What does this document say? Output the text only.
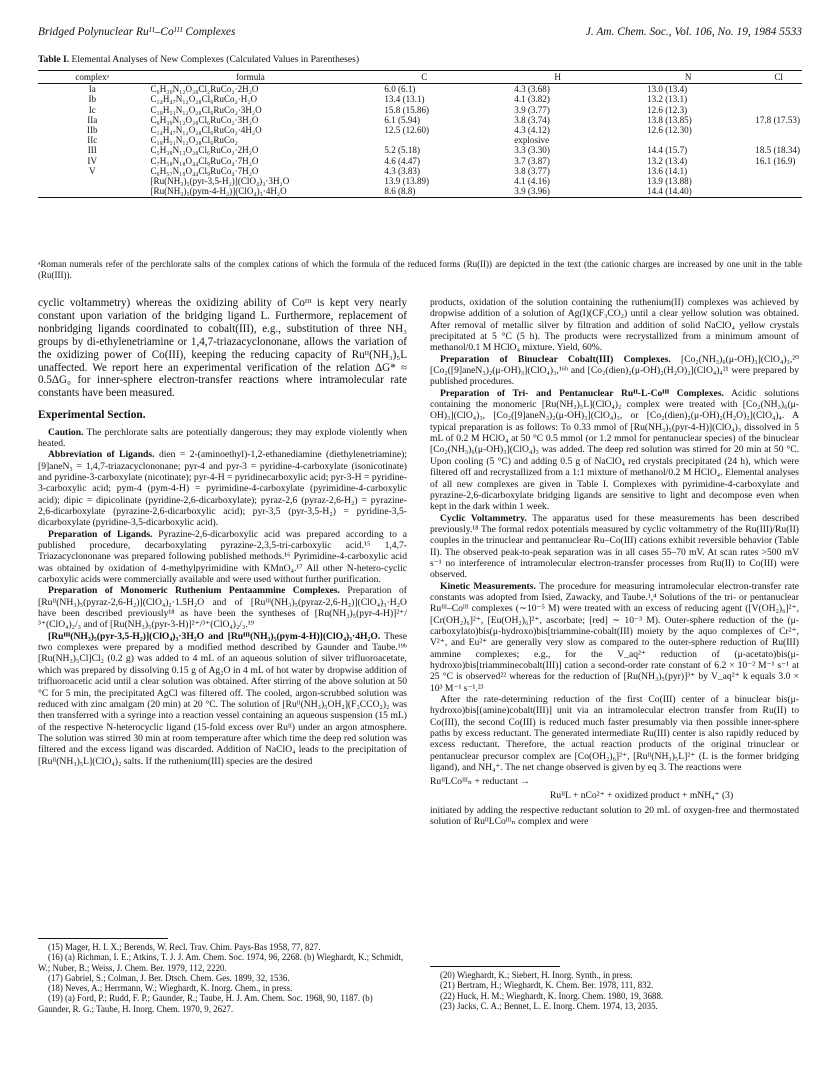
Bridged Polynuclear Ruᴵᴵ–Coᴵᴵᴵ Complexes	J. Am. Chem. Soc., Vol. 106, No. 19, 1984 5533
Table I. Elemental Analyses of New Complexes (Calculated Values in Parentheses)
complexᵃ	formula	C	H	N	Cl
Ia	C₆H₃₀N₁₂O₂₈Cl₂RuCo₂·2H₂O	6.0 (6.1)	4.3 (3.68)	13.0 (13.4)	
Ib	C₁₄H₄₇N₁₂O₂₈Cl₆RuCo₂·H₂O	13.4 (13.1)	4.1 (3.82)	13.2 (13.1)	
Ic	C₁₈H₅₁N₁₂O₂₈Cl₆RuCo₂·3H₂O	15.8 (15.86)	3.9 (3.77)	12.6 (12.3)	
IIa	C₆H₃₉N₁₂O₂₈Cl₆RuCo₂·3H₂O	6.1 (5.94)	3.8 (3.74)	13.8 (13.85)	17.8 (17.53)
IIb	C₁₄H₄₇N₁₂O₂₈Cl₆RuCo₂·4H₂O	12.5 (12.60)	4.3 (4.12)	12.6 (12.30)	
IIc	C₁₈H₅₁N₁₂O₂₈Cl₆RuCo₂		explosive		
III	C₅H₃₈N₁₃O₂₈Cl₆RuCo₂·2H₂O	5.2 (5.18)	3.3 (3.30)	14.4 (15.7)	18.5 (18.34)
IV	C₇H₅₈N₁₈O₄₄Cl₉RuCo₄·7H₂O	4.6 (4.47)	3.7 (3.87)	13.2 (13.4)	16.1 (16.9)
V	C₆H₅₇N₁₉O₄₄Cl₉RuCo₄·7H₂O	4.3 (3.83)	3.8 (3.77)	13.6 (14.1)	
	[Ru(NH₃)₅(pyr-3,5-H₂)](ClO₄)₃·3H₂O	13.9 (13.89)	4.1 (4.16)	13.9 (13.88)	
	[Ru(NH₃)₅(pym-4-H₂)](ClO₄)₃·4H₂O	8.6 (8.8)	3.9 (3.96)	14.4 (14.40)	
ᵃRoman numerals refer of the perchlorate salts of the complex cations of which the formula of the reduced forms (Ru(II)) are depicted in the text (the cationic charges are increased by one unit in the table (Ru(III)).

cyclic voltammetry) whereas the oxidizing ability of Coᴵᴵᴵ is kept very nearly constant upon variation of the bridging ligand L. Furthermore, replacement of nonbridging ligands coordinated to cobalt(III), e.g., substitution of three NH₃ groups by di-ethylenetriamine or 1,4,7-triazacyclononane, allows the variation of the oxidizing power of Co(III), keeping the reducing capacity of Ruᴵᴵ(NH₃)₅L unaffected. We report here an experimental verification of the relation ΔG* ≈ 0.5ΔG₀ for inner-sphere electron-transfer reactions where intramolecular rate constants have been measured.

Experimental Section.

Caution. The perchlorate salts are potentially dangerous; they may explode violently when heated.

Abbreviation of Ligands. dien = 2-(aminoethyl)-1,2-ethanediamine (diethylenetriamine); [9]aneN₃ = 1,4,7-triazacyclononane; pyr-4 and pyr-3 = pyridine-4-carboxylate (isonicotinate) and pyridine-3-carboxylate (nicotinate); pyr-4-H = pyridinecarboxylic acid; pyr-3-H = pyridine-3-carboxylic acid; pym-4 (pym-4-H) = pyrimidine-4-carboxylate (pyrimidine-4-carboxylic acid); dipic = dipicolinate (pyridine-2,6-dicarboxylate); pyraz-2,6 (pyraz-2,6-H₂) = pyrazine-2,6-dicarboxylate (pyrazine-2,6-dicarboxylic acid); pyr-3,5 (pyr-3,5-H₂) = pyridine-3,5-dicarboxylate (pyridine-3,5-dicarboxylic acid).

Preparation of Ligands. Pyrazine-2,6-dicarboxylic acid was prepared according to a published procedure, decarboxylating pyrazine-2,3,5-tri-carboxylic acid.¹⁵ 1,4,7-Triazacyclononane was prepared following published methods.¹⁶ Pyrimidine-4-carboxylic acid was obtained by oxidation of 4-methylpyrimidine with KMnO₄.¹⁷ All other N-hetero-cyclic carboxylic acids were commercially available and were used without further purification.

Preparation of Monomeric Ruthenium Pentaammine Complexes. Preparation of [Ruᴵᴵ(NH₃)₅(pyraz-2,6-H₂)](ClO₄)₂·1.5H₂O and of [Ruᴵᴵᴵ(NH₃)₅(pyraz-2,6-H₂)](ClO₄)₃·H₂O have been described previously¹⁸ as have been the syntheses of [Ru(NH₃)₅(pyr-4-H)]²⁺/³⁺(ClO₄)₂/₃ and of [Ru(NH₃)₅(pyr-3-H)]²⁺/³⁺(ClO₄)₂/₃.¹⁹

[Ruᴵᴵᴵ(NH₃)₅(pyr-3,5-H₂)](ClO₄)₃·3H₂O and [Ruᴵᴵᴵ(NH₃)₅(pym-4-H)](ClO₄)₃·4H₂O. These two complexes were prepared by a modified method described by Gaunder and Taube.¹⁹ᵇ [Ru(NH₃)₅Cl]Cl₂ (0.2 g) was added to 4 mL of an aqueous solution of silver trifluoroacetate, which was prepared by dissolving 0.15 g of Ag₂O in 4 mL of hot water by dropwise addition of trifluoroacetic acid until a clear solution was obtained. After stirring of the above solution at 50 °C for 5 min, the precipitated AgCl was filtered off. The cooled, argon-scrubbed solution was reduced with zinc amalgam (20 min) at 20 °C. The solution of [Ruᴵᴵ(NH₃)₅OH₂](F₃CCO₂)₂ was then transferred with a syringe into a reaction vessel containing an aqueous suspension (15 mL) of the respective N-heterocyclic ligand (15-fold excess over Ruᴵᴵ) under an argon atmosphere. The solution was stirred 30 min at room temperature after which time the deep red solution was filtered and the excess ligand was discarded. Addition of NaClO₄ leads to the precipitation of [Ruᴵᴵ(NH₃)₅L](ClO₄)₂ salts. If the ruthenium(III) species are the desired

products, oxidation of the solution containing the ruthenium(II) complexes was achieved by dropwise addition of a solution of Ag(I)(CF₃CO₂) until a clear yellow solution was obtained. After removal of metallic silver by filtration and addition of solid NaClO₄ yellow crystals precipitated at 5 °C (5 h). The products were recrystallized from a minimum amount of methanol/0.1 M HClO₄ mixture. Yield, 60%.

Preparation of Binuclear Cobalt(III) Complexes. [Co₂(NH₃)₆(μ-OH)₃](ClO₄)₃,²⁰ [Co₂([9]aneN₃)₂(μ-OH)₃](ClO₄)₃,¹⁶ᵇ and [Co₂(dien)₂(μ-OH)₂(H₂O)₂](ClO₄)₄²¹ were prepared by published procedures.

Preparation of Tri- and Pentanuclear Ruᴵᴵ-L-Coᴵᴵᴵ Complexes. Acidic solutions containing the monomeric [Ru(NH₃)₅L](ClO₄)₂ complex were treated with [Co₂(NH₃)₆(μ-OH)₃](ClO₄)₃, [Co₂([9]aneN₃)₂(μ-OH)₃](ClO₄)₃, or [Co₂(dien)₂(μ-OH)₂(H₂O)₂](ClO₄)₄. A typical preparation is as follows: To 0.33 mmol of [Ru(NH₃)₅(pyr-4-H)](ClO₄)₃ dissolved in 5 mL of 0.2 M HClO₄ at 50 °C 0.5 mmol (or 1.2 mmol for pentanuclear species) of the binuclear [Co₂(NH₃)₆(μ-OH)₃](ClO₄)₃ was added. The deep red solution was stirred for 20 min at 50 °C. Upon cooling (5 °C) and adding 0.5 g of NaClO₄ red crystals precipitated (24 h), which were filtered off and recrystallized from a 1:1 mixture of methanol/0.2 M HClO₄. Elemental analyses of all new complexes are given in Table I. Complexes with pyrimidine-4-carboxylate and pyrazine-2,6-dicarboxylate bridging ligands are sensitive to light and decompose even when kept in the dark within 1 week.

Cyclic Voltammetry. The apparatus used for these measurements has been described previously.¹⁸ The formal redox potentials measured by cyclic voltammetry of the Ru(III)/Ru(II) couples in the trinuclear and pentanuclear Ru–Co(III) cations exhibit reversible behavior (Table II). The observed peak-to-peak separation was in all cases 55–70 mV. At scan rates >500 mV s⁻¹ no interference of intramolecular electron-transfer processes from Ru(II) to Co(III) were observed.

Kinetic Measurements. The procedure for measuring intramolecular electron-transfer rate constants was adopted from Isied, Zawacky, and Taube.¹,⁴ Solutions of the tri- or pentanuclear Ruᴵᴵᴵ–Coᴵᴵᴵ complexes (∼10⁻⁵ M) were treated with an excess of reducing agent ([V(OH₂)₆]²⁺, [Cr(OH₂)₆]²⁺, [Eu(OH₂)₆]²⁺, ascorbate; [red] ∼ 10⁻³ M). Outer-sphere reduction of the (μ-carboxylato)bis(μ-hydroxo)bis[triammine-cobalt(III) moiety by the aquo complexes of Cr²⁺, V²⁺, and Eu²⁺ are generally very slow as compared to the outer-sphere reduction of Ru(III) ammine complexes; e.g., for the V_aq²⁺ reduction of (μ-acetato)bis(μ-hydroxo)bis[triamminecobalt(III)] cation a second-order rate constant of 6.2 × 10⁻² M⁻¹ s⁻¹ at 25 °C is observed²² whereas for the reduction of [Ru(NH₃)₅(pyr)]³⁺ by V_aq²⁺ k equals 3.0 × 10³ M⁻¹ s⁻¹.²³

After the rate-determining reduction of the first Co(III) center of a binuclear bis(μ-hydroxo)bis[(amine)cobalt(III)] unit via an intramolecular electron transfer from Ru(II) to Co(III), the second Co(III) is reduced much faster presumably via then possible inner-sphere paths by excess reductant. The generated intermediate Ru(III) center is also rapidly reduced by excess reductant. Therefore, the actual reaction products of the original trinuclear or pentanuclear precursor complex are [Co(OH₂)₆]²⁺, [Ruᴵᴵ(NH₃)₅L]²⁺ (L is the former bridging ligand), and NH₄⁺. The net change observed is given by eq 3. The reactions were

RuᴵᴵLCoᴵᴵᴵₙ + reductant →

RuᴵᴵL + nCo²⁺ + oxidized product + mNH₄⁺ (3)

initiated by adding the respective reductant solution to 20 mL of oxygen-free and thermostated solution of RuᴵᴵLCoᴵᴵᴵₙ complex and were

(15) Mager, H. I. X.; Berends, W. Recl. Trav. Chim. Pays-Bas 1958, 77, 827.

(16) (a) Richman, I. E.; Atkins, T. J. J. Am. Chem. Soc. 1974, 96, 2268. (b) Wieghardt, K.; Schmidt, W.; Nuber, B.; Weiss, J. Chem. Ber. 1979, 112, 2220.

(17) Gabriel, S.; Colman, J. Ber. Dtsch. Chem. Ges. 1899, 32, 1536.

(18) Neves, A.; Herrmann, W.; Wieghardt, K. Inorg. Chem., in press.

(19) (a) Ford, P.; Rudd, F. P.; Gaunder, R.; Taube, H. J. Am. Chem. Soc. 1968, 90, 1187. (b) Gaunder, R. G.; Taube, H. Inorg. Chem. 1970, 9, 2627.

(20) Wieghardt, K.; Siebert, H. Inorg. Synth., in press.

(21) Bertram, H.; Wieghardt, K. Chem. Ber. 1978, 111, 832.

(22) Huck, H. M.; Wieghardt, K. Inorg. Chem. 1980, 19, 3688.

(23) Jacks, C. A.; Bennet, L. E. Inorg. Chem. 1974, 13, 2035.
